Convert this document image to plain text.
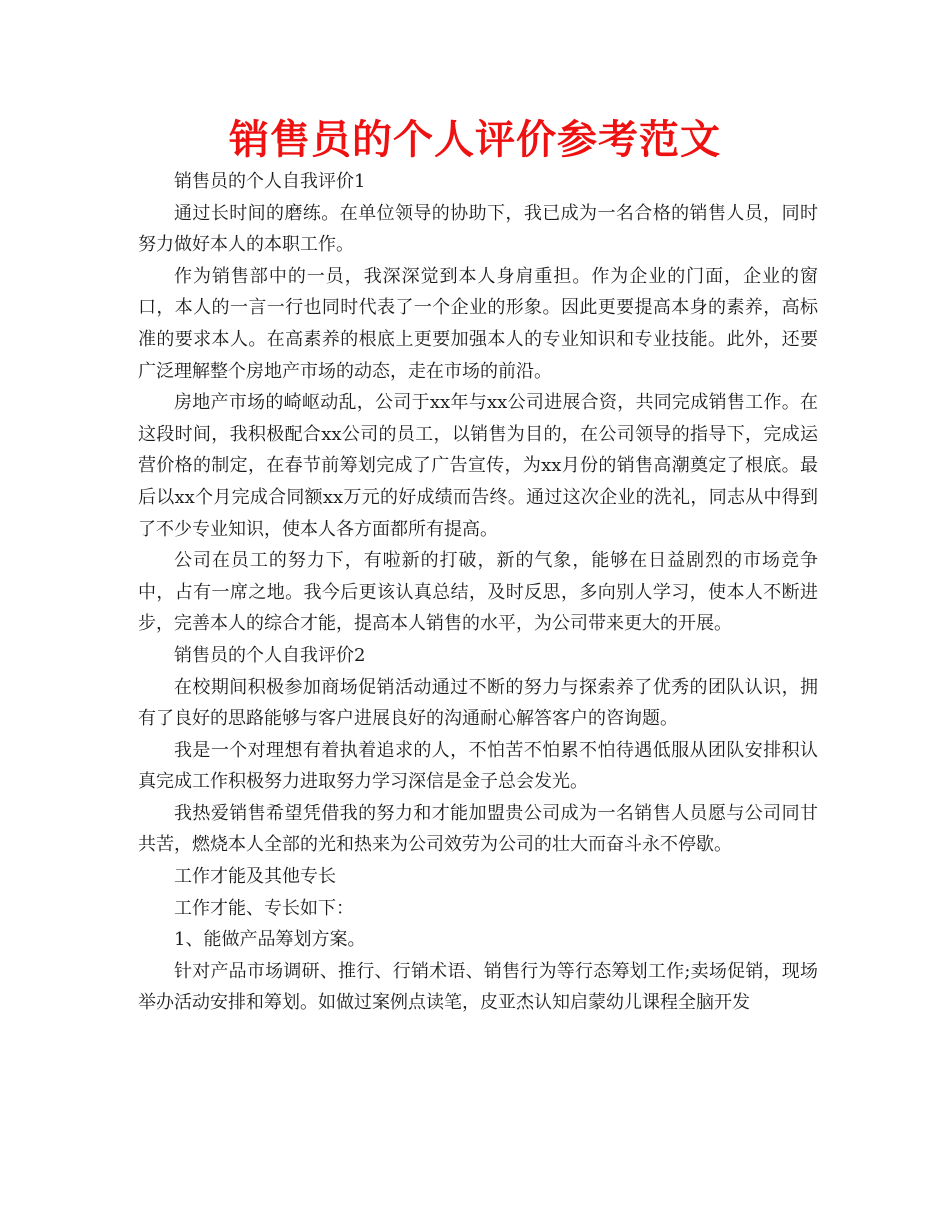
销售员的个人评价参考范文

销售员的个人自我评价1

通过长时间的磨练。在单位领导的协助下，我已成为一名合格的销售人员，同时努力做好本人的本职工作。

作为销售部中的一员，我深深觉到本人身肩重担。作为企业的门面，企业的窗口，本人的一言一行也同时代表了一个企业的形象。因此更要提高本身的素养，高标准的要求本人。在高素养的根底上更要加强本人的专业知识和专业技能。此外，还要广泛理解整个房地产市场的动态，走在市场的前沿。

房地产市场的崎岖动乱，公司于xx年与xx公司进展合资，共同完成销售工作。在这段时间，我积极配合xx公司的员工，以销售为目的，在公司领导的指导下，完成运营价格的制定，在春节前筹划完成了广告宣传，为xx月份的销售高潮奠定了根底。最后以xx个月完成合同额xx万元的好成绩而告终。通过这次企业的洗礼，同志从中得到了不少专业知识，使本人各方面都所有提高。

公司在员工的努力下，有啦新的打破，新的气象，能够在日益剧烈的市场竞争中，占有一席之地。我今后更该认真总结，及时反思，多向别人学习，使本人不断进步，完善本人的综合才能，提高本人销售的水平，为公司带来更大的开展。

销售员的个人自我评价2

在校期间积极参加商场促销活动通过不断的努力与探索养了优秀的团队认识，拥有了良好的思路能够与客户进展良好的沟通耐心解答客户的咨询题。

我是一个对理想有着执着追求的人，不怕苦不怕累不怕待遇低服从团队安排积认真完成工作积极努力进取努力学习深信是金子总会发光。

我热爱销售希望凭借我的努力和才能加盟贵公司成为一名销售人员愿与公司同甘共苦，燃烧本人全部的光和热来为公司效劳为公司的壮大而奋斗永不停歇。

工作才能及其他专长

工作才能、专长如下：

1、能做产品筹划方案。

针对产品市场调研、推行、行销术语、销售行为等行态筹划工作;卖场促销，现场举办活动安排和筹划。如做过案例点读笔，皮亚杰认知启蒙幼儿课程全脑开发
